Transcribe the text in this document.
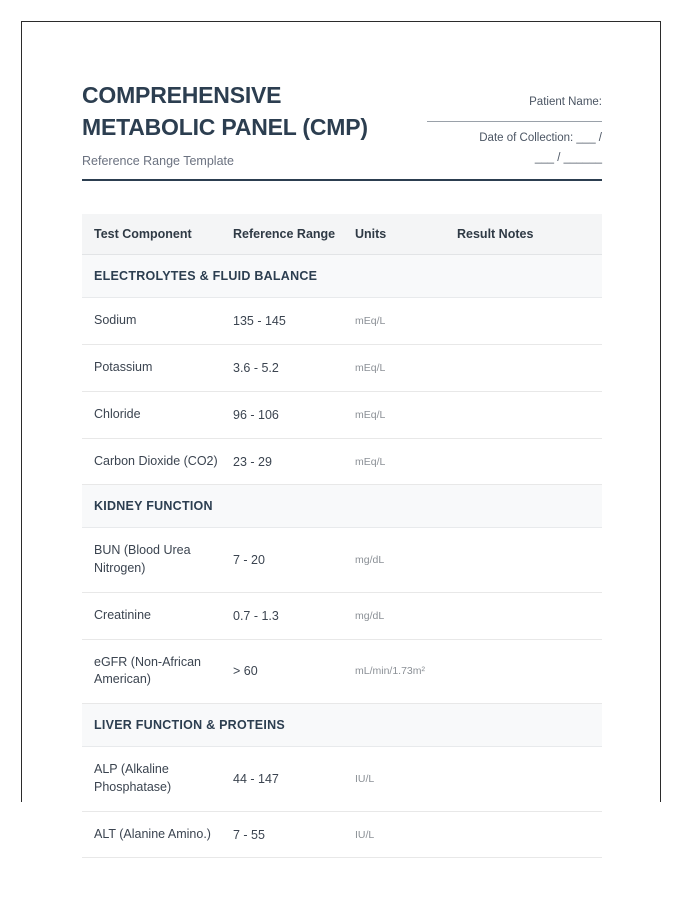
COMPREHENSIVE METABOLIC PANEL (CMP)

Reference Range Template

Patient Name:
Date of Collection: ___ /
___ / ______
Test Component	Reference Range	Units	Result Notes
ELECTROLYTES & FLUID BALANCE			
Sodium	135 - 145	mEq/L	
Potassium	3.6 - 5.2	mEq/L	
Chloride	96 - 106	mEq/L	
Carbon Dioxide (CO2)	23 - 29	mEq/L	
KIDNEY FUNCTION			
BUN (Blood Urea Nitrogen)	7 - 20	mg/dL	
Creatinine	0.7 - 1.3	mg/dL	
eGFR (Non-African American)	> 60	mL/min/1.73m²	
LIVER FUNCTION & PROTEINS			
ALP (Alkaline Phosphatase)	44 - 147	IU/L	
ALT (Alanine Amino.)	7 - 55	IU/L	
